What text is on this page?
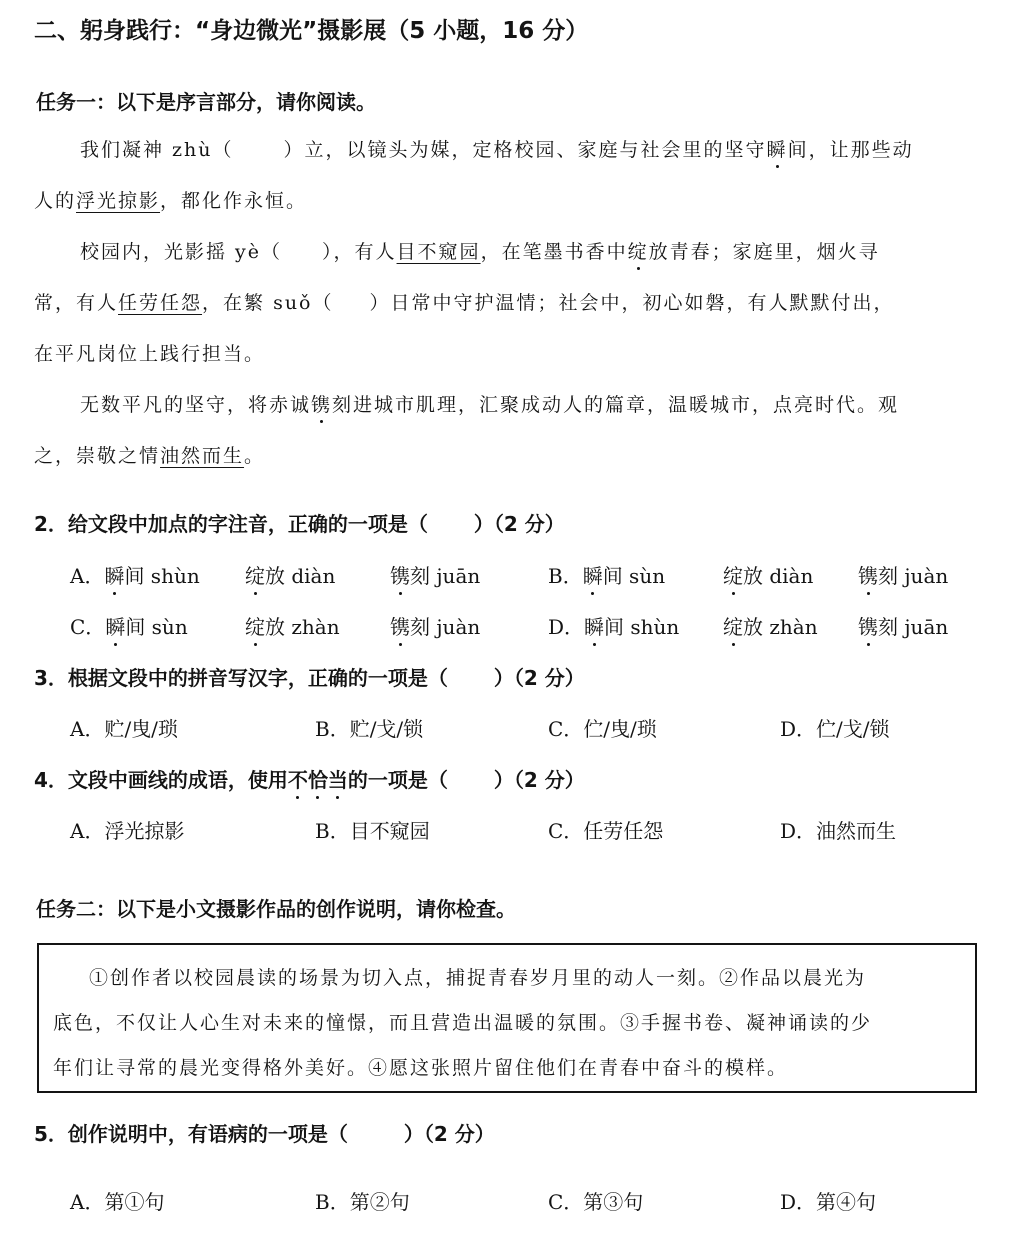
二、躬身践行：“身边微光”摄影展（5 小题，16 分）
任务一：以下是序言部分，请你阅读。
我们凝神 zhù（	）立，以镜头为媒，定格校园、家庭与社会里的坚守瞬间，让那些动
人的浮光掠影，都化作永恒。
校园内，光影摇 yè（ ），有人目不窥园，在笔墨书香中绽放青春；家庭里，烟火寻
常，有人任劳任怨，在繁 suǒ（ ）日常中守护温情；社会中，初心如磐，有人默默付出，
在平凡岗位上践行担当。
无数平凡的坚守，将赤诚镌刻进城市肌理，汇聚成动人的篇章，温暖城市，点亮时代。观
之，崇敬之情油然而生。
2．给文段中加点的字注音，正确的一项是（ ）（2 分）
A．瞬间 shùn 绽放 diàn	镌刻 juān	B．瞬间 sùn	绽放 diàn 镌刻 juàn
C．瞬间 sùn	绽放 zhàn	镌刻 juàn	D．瞬间 shùn 绽放 zhàn 镌刻 juān
3．根据文段中的拼音写汉字，正确的一项是（ ）（2 分）
A．贮/曳/琐	B．贮/戈/锁	C．伫/曳/琐	D．伫/戈/锁
4．文段中画线的成语，使用不恰当的一项是（ ）（2 分）
A．浮光掠影	B．目不窥园	C．任劳任怨	D．油然而生
任务二：以下是小文摄影作品的创作说明，请你检查。
①创作者以校园晨读的场景为切入点，捕捉青春岁月里的动人一刻。②作品以晨光为
底色，不仅让人心生对未来的憧憬，而且营造出温暖的氛围。③手握书卷、凝神诵读的少
年们让寻常的晨光变得格外美好。④愿这张照片留住他们在青春中奋斗的模样。
5．创作说明中，有语病的一项是（	）（2 分）
A．第①句	B．第②句	C．第③句	D．第④句
